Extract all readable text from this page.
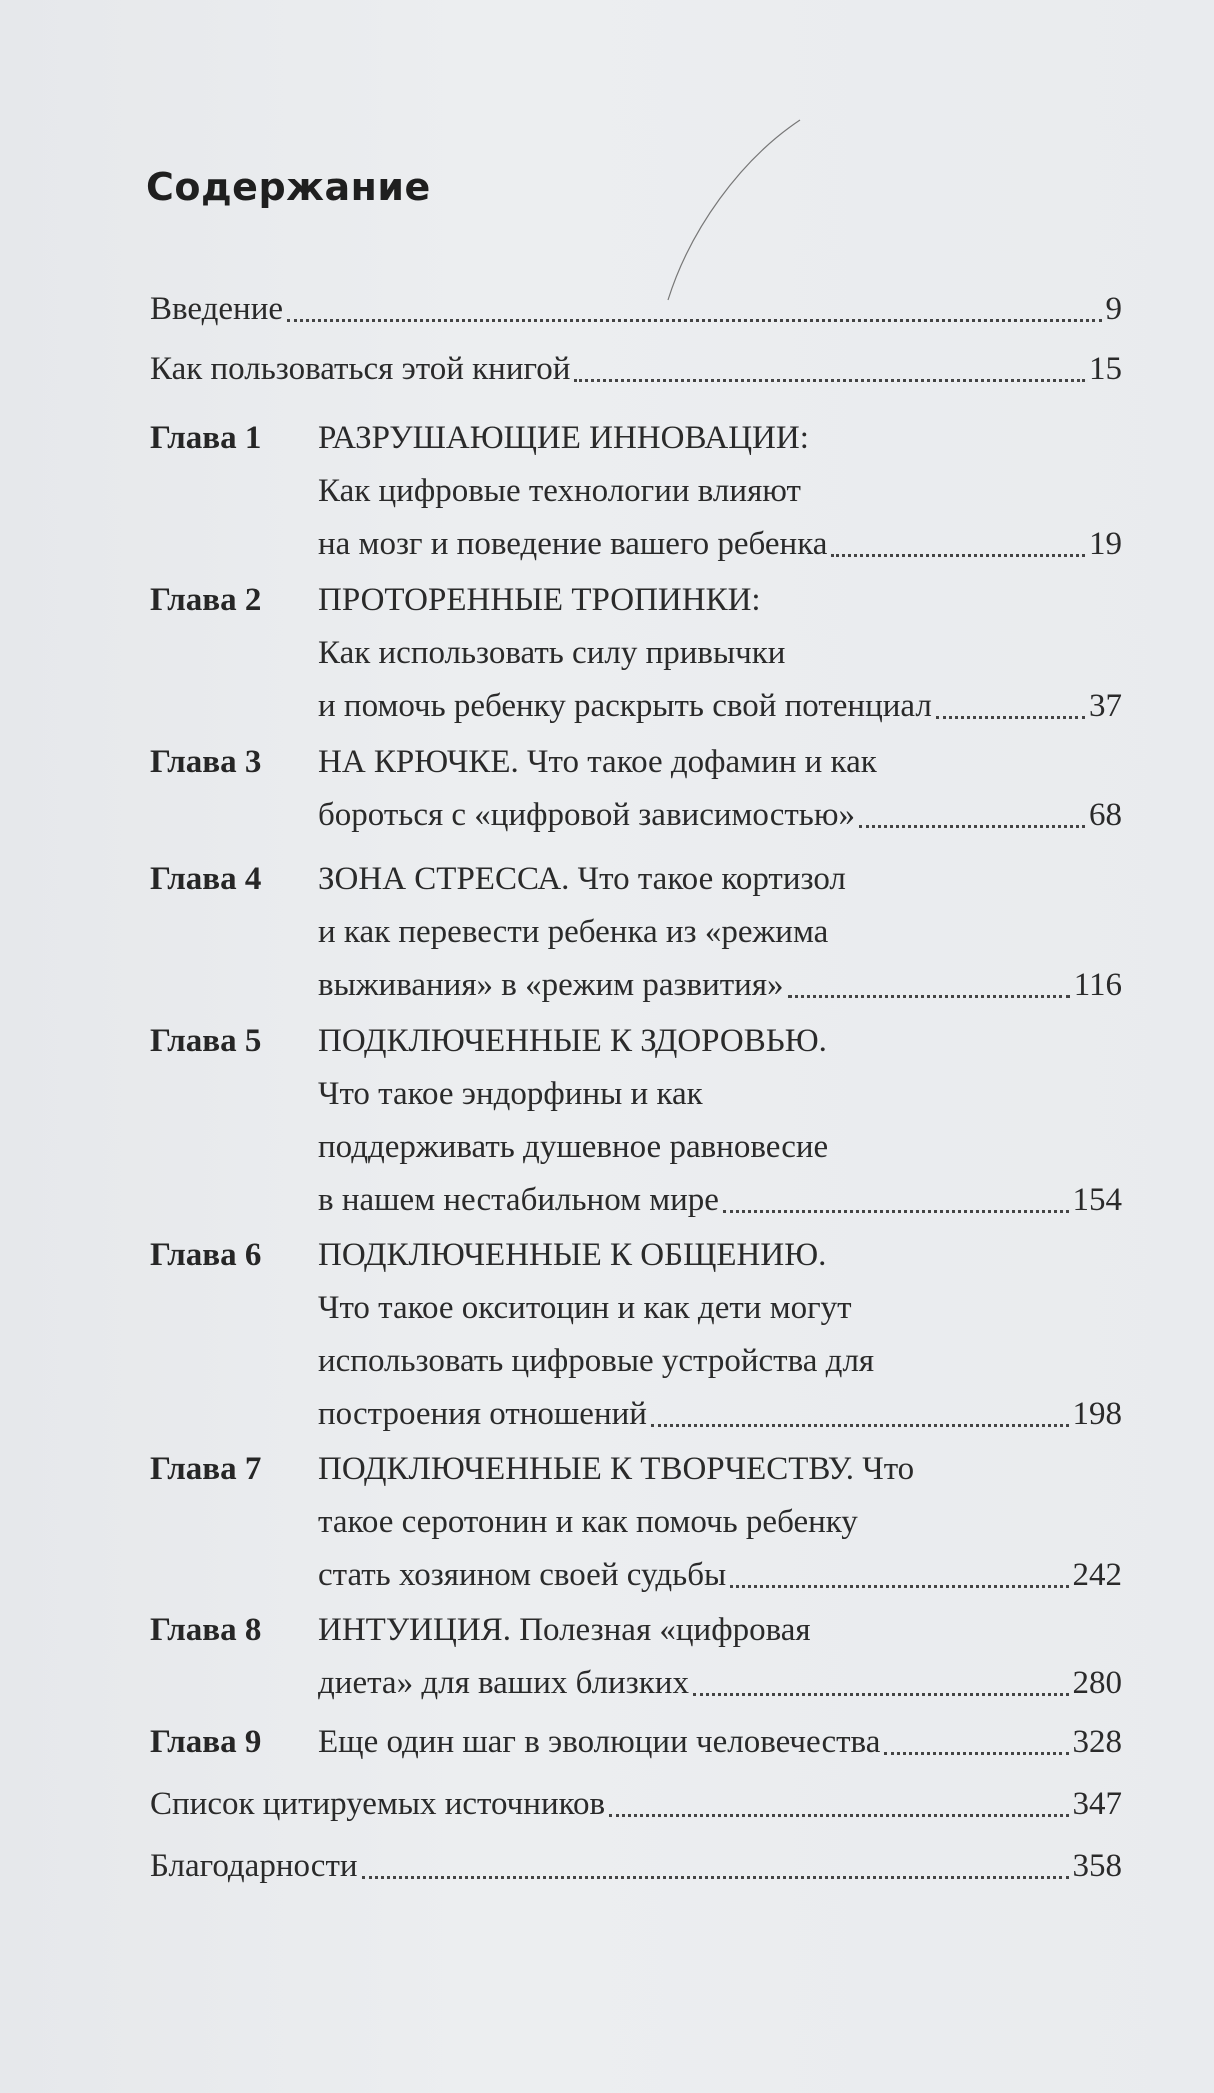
Содержание
Введение	9
Как пользоваться этой книгой	15
Глава 1 РАЗРУШАЮЩИЕ ИННОВАЦИИ:
Как цифровые технологии влияют
на мозг и поведение вашего ребенка	19
Глава 2 ПРОТОРЕННЫЕ ТРОПИНКИ:
Как использовать силу привычки
и помочь ребенку раскрыть свой потенциал	37
Глава 3 НА КРЮЧКЕ. Что такое дофамин и как
бороться с «цифровой зависимостью»	68
Глава 4 ЗОНА СТРЕССА. Что такое кортизол
и как перевести ребенка из «режима
выживания» в «режим развития»	116
Глава 5 ПОДКЛЮЧЕННЫЕ К ЗДОРОВЬЮ.
Что такое эндорфины и как
поддерживать душевное равновесие
в нашем нестабильном мире	154
Глава 6 ПОДКЛЮЧЕННЫЕ К ОБЩЕНИЮ.
Что такое окситоцин и как дети могут
использовать цифровые устройства для
построения отношений	198
Глава 7 ПОДКЛЮЧЕННЫЕ К ТВОРЧЕСТВУ. Что
такое серотонин и как помочь ребенку
стать хозяином своей судьбы	242
Глава 8 ИНТУИЦИЯ. Полезная «цифровая
диета» для ваших близких	280
Глава 9 Еще один шаг в эволюции человечества	328
Список цитируемых источников	347
Благодарности	358
